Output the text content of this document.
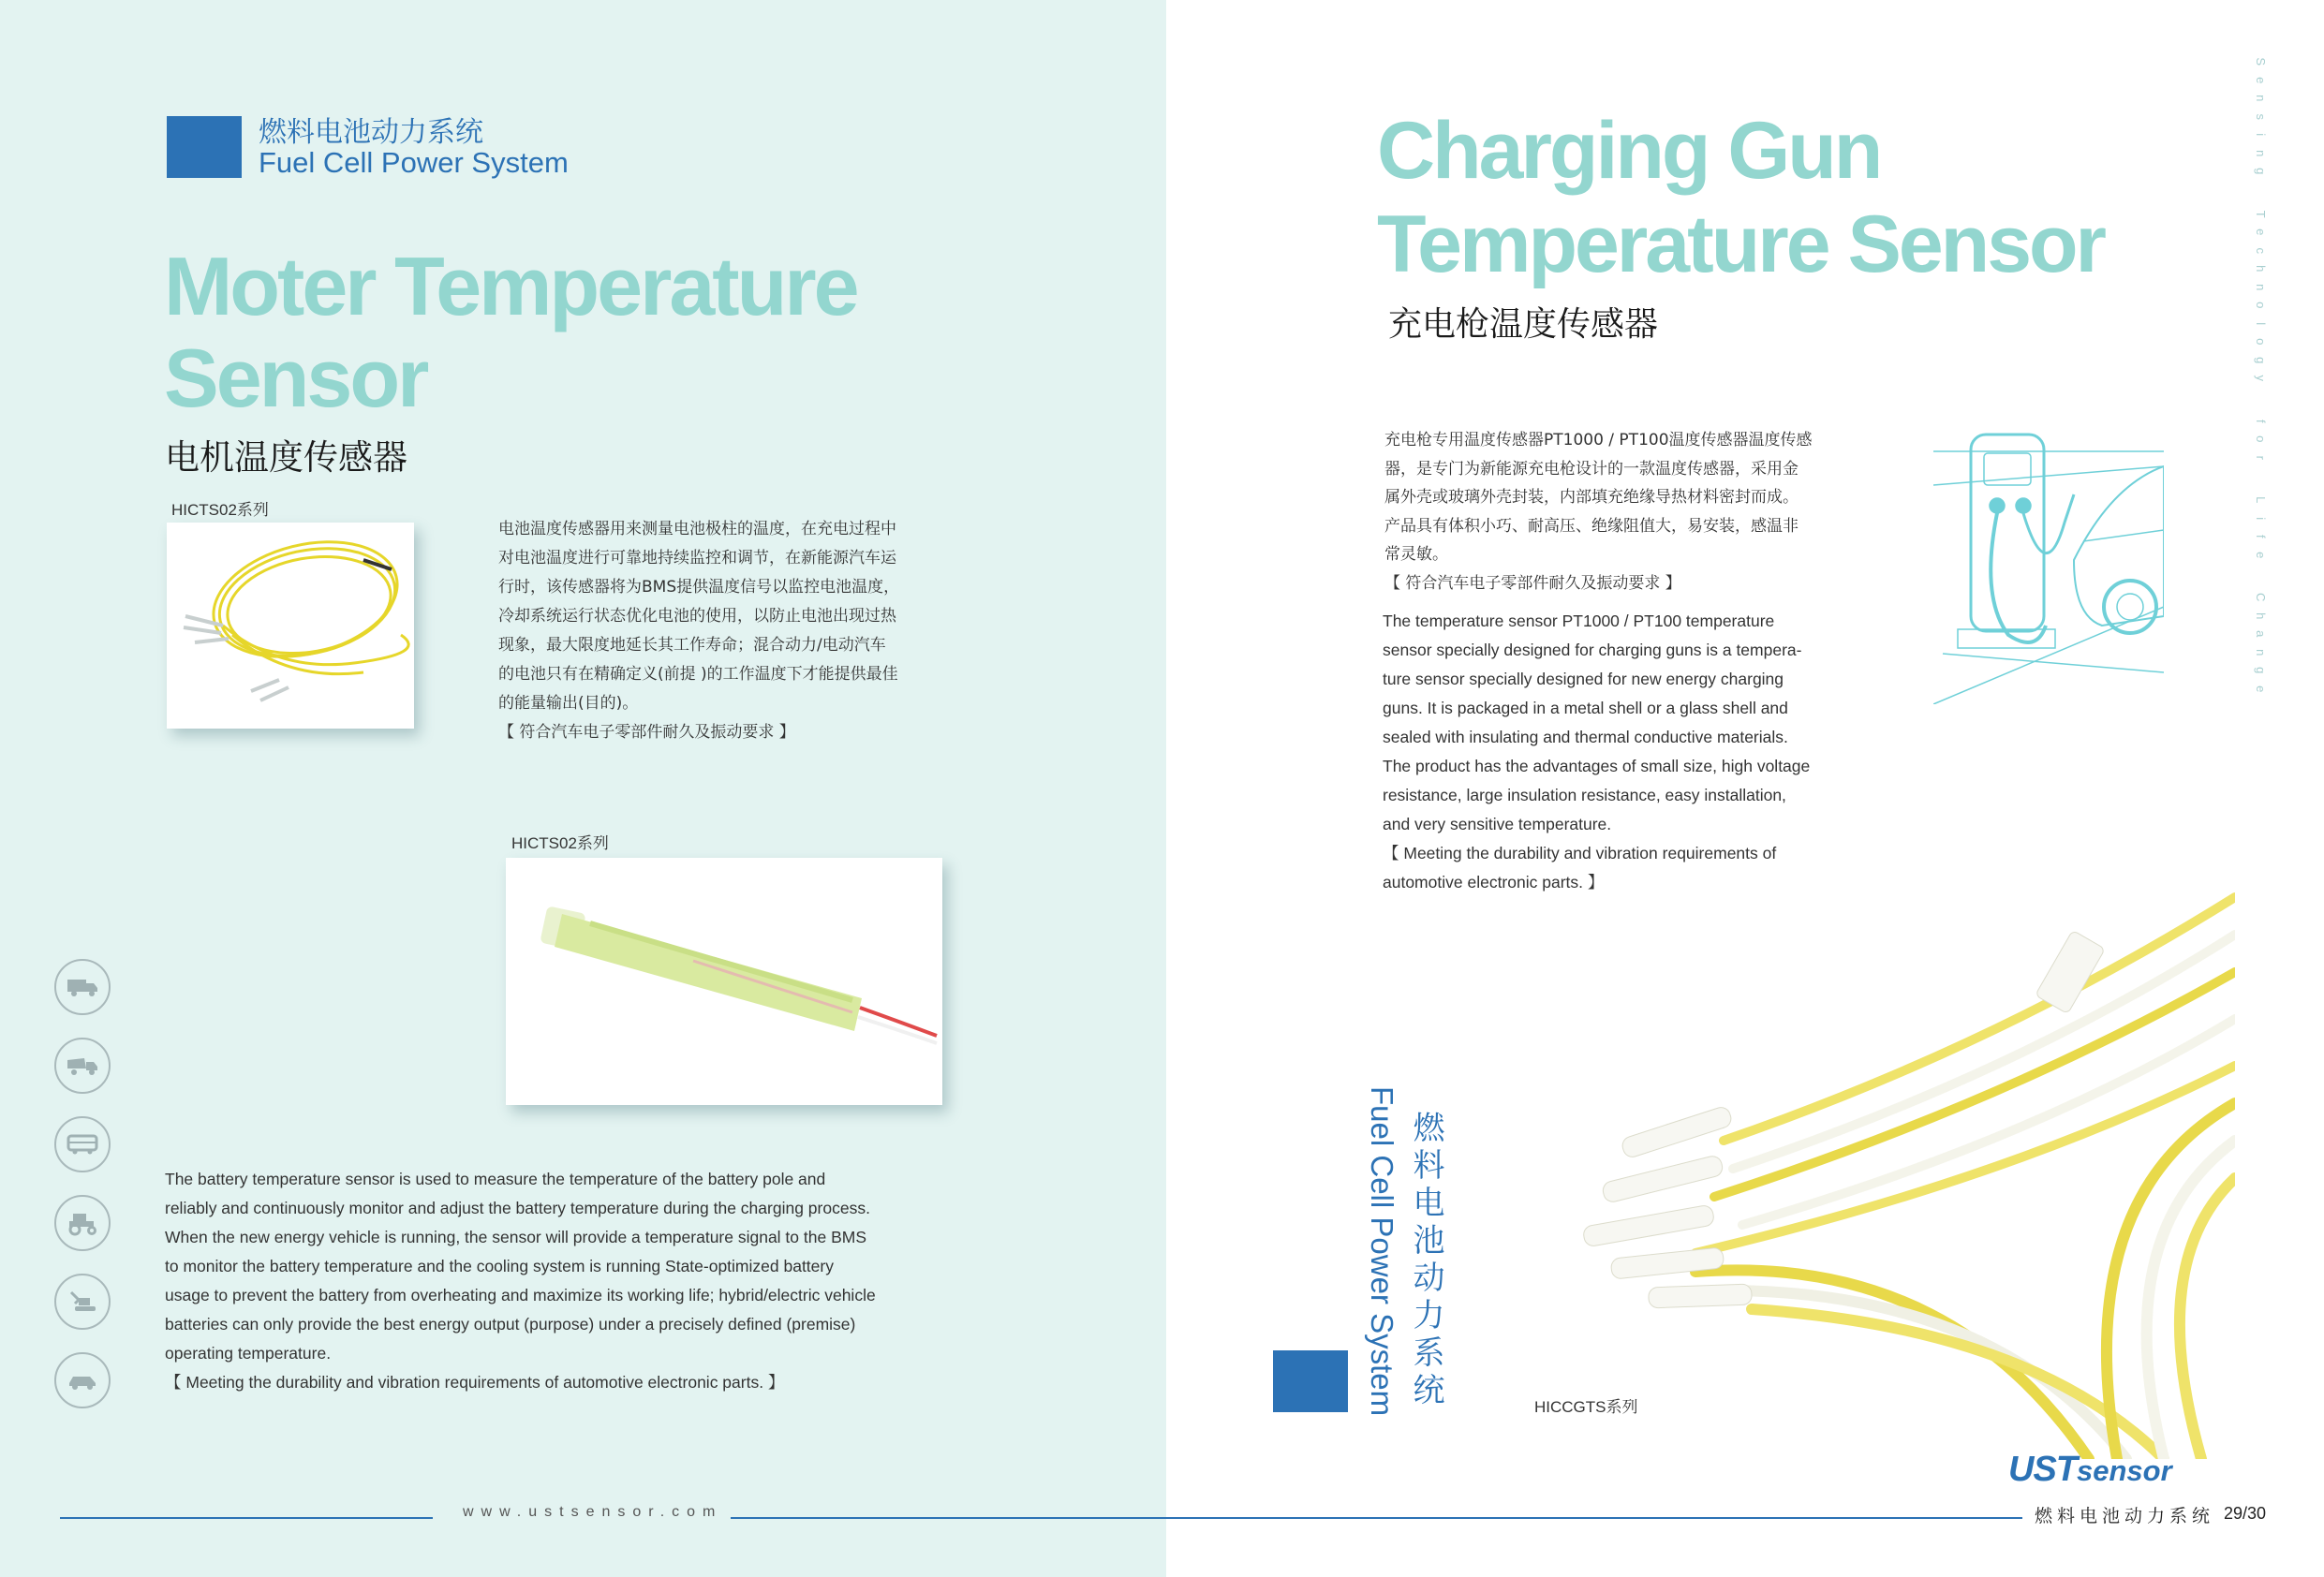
燃料电池动力系统
Fuel Cell Power System
Moter Temperature
Sensor
电机温度传感器
HICTS02系列
电池温度传感器用来测量电池极柱的温度，在充电过程中
对电池温度进行可靠地持续监控和调节，在新能源汽车运
行时，该传感器将为BMS提供温度信号以监控电池温度，
冷却系统运行状态优化电池的使用，以防止电池出现过热
现象，最大限度地延长其工作寿命；混合动力/电动汽车
的电池只有在精确定义(前提 )的工作温度下才能提供最佳
的能量输出(目的)。
【 符合汽车电子零部件耐久及振动要求 】
HICTS02系列
The battery temperature sensor is used to measure the temperature of the battery pole and
reliably and continuously monitor and adjust the battery temperature during the charging process.
When the new energy vehicle is running, the sensor will provide a temperature signal to the BMS
to monitor the battery temperature and the cooling system is running State-optimized battery
usage to prevent the battery from overheating and maximize its working life; hybrid/electric vehicle
batteries can only provide the best energy output (purpose) under a precisely defined (premise)
operating temperature.
【 Meeting the durability and vibration requirements of automotive electronic parts. 】
www.ustsensor.com
Charging Gun
Temperature Sensor
充电枪温度传感器
S
e
n
s
i
n
g

T
e
c
h
n
o
l
o
g
y

f
o
r

L
i
f
e

C
h
a
n
g
e
充电枪专用温度传感器PT1000 / PT100温度传感器温度传感
器，是专门为新能源充电枪设计的一款温度传感器，采用金
属外壳或玻璃外壳封装，内部填充绝缘导热材料密封而成。
产品具有体积小巧、耐高压、绝缘阻值大，易安装，感温非
常灵敏。
【 符合汽车电子零部件耐久及振动要求 】
The temperature sensor PT1000 / PT100 temperature
sensor specially designed for charging guns is a tempera-
ture sensor specially designed for new energy charging
guns. It is packaged in a metal shell or a glass shell and
sealed with insulating and thermal conductive materials.
The product has the advantages of small size, high voltage
resistance, large insulation resistance, easy installation,
and very sensitive temperature.
【 Meeting the durability and vibration requirements of
automotive electronic parts. 】
燃料电池动力系统
Fuel Cell Power System	HICCGTS系列
USTsensor
燃料电池动力系统 29/30
